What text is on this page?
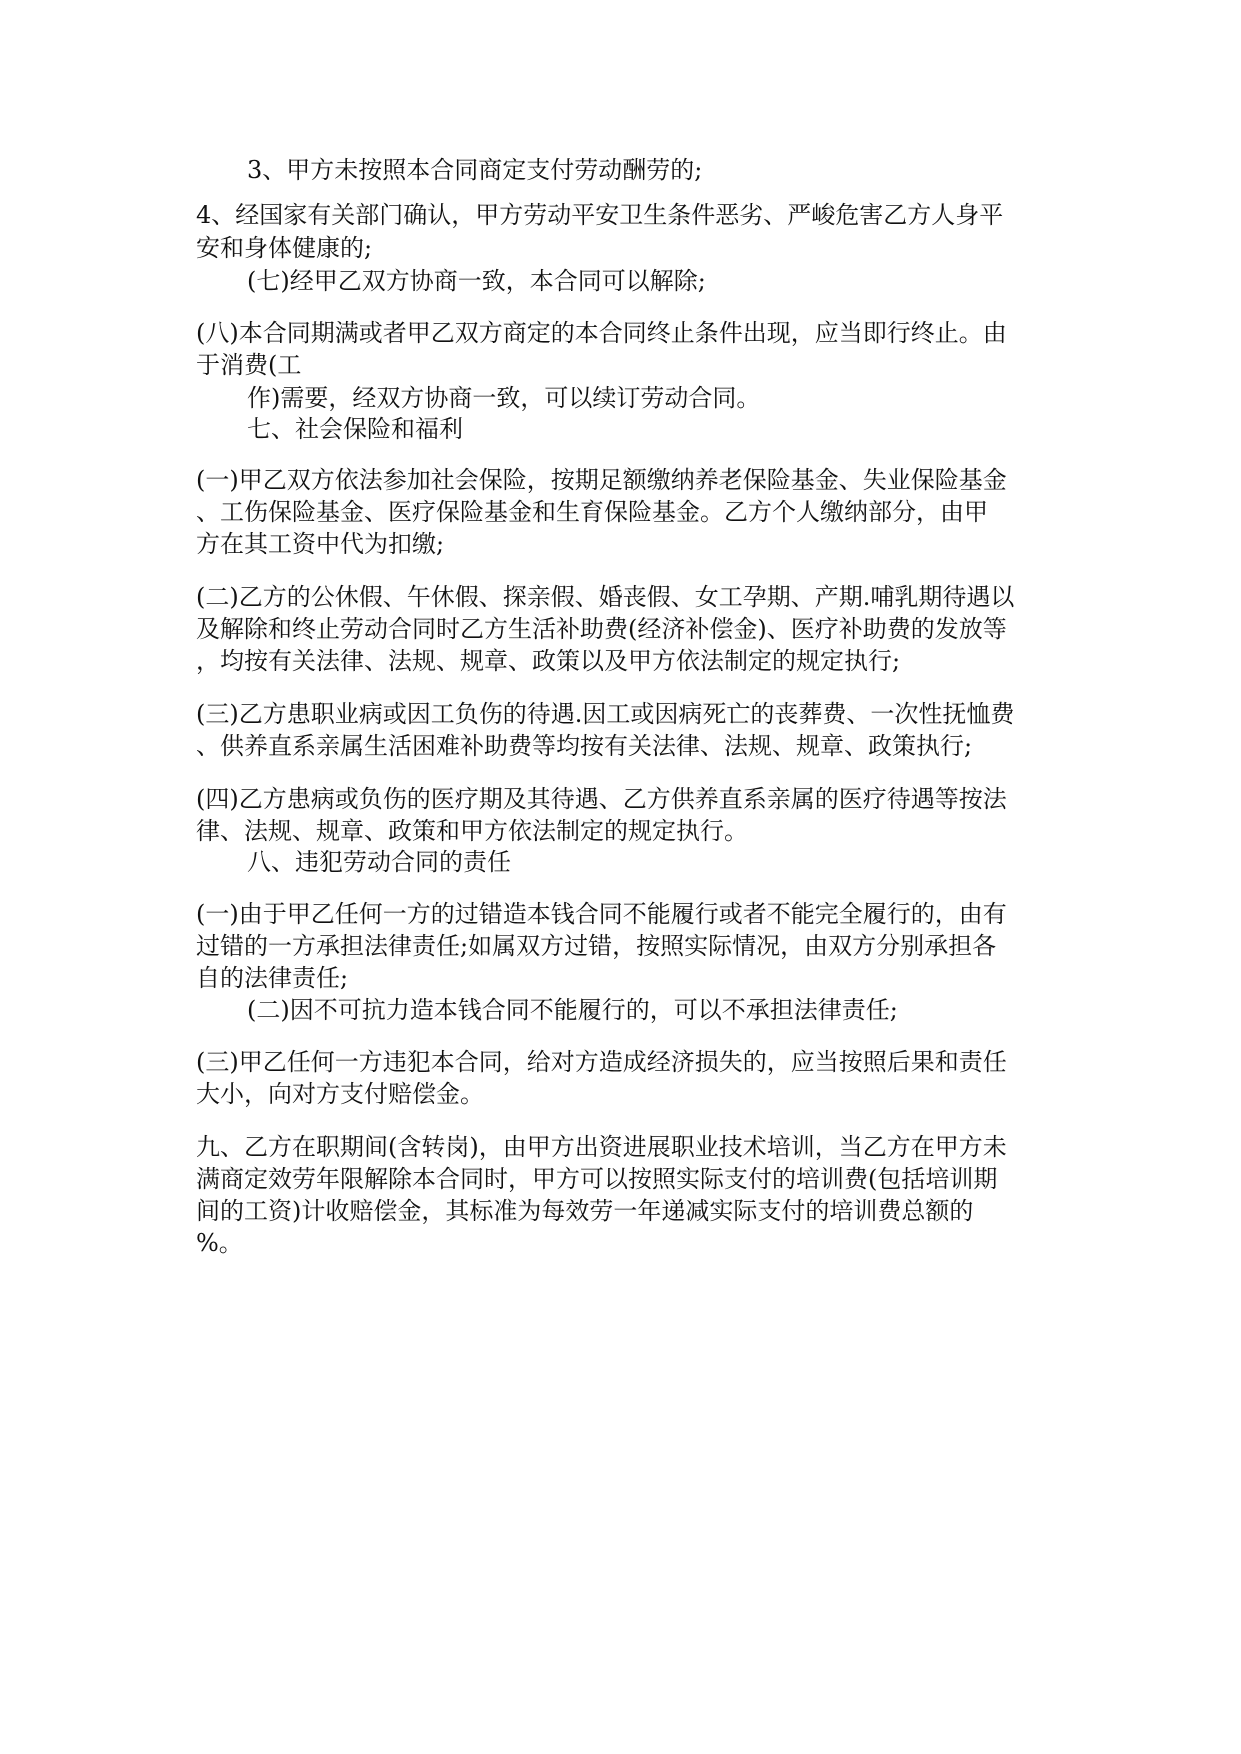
3、甲方未按照本合同商定支付劳动酬劳的;
4、经国家有关部门确认，甲方劳动平安卫生条件恶劣、严峻危害乙方人身平
安和身体健康的;
(七)经甲乙双方协商一致，本合同可以解除;
(八)本合同期满或者甲乙双方商定的本合同终止条件出现，应当即行终止。由
于消费(工
作)需要，经双方协商一致，可以续订劳动合同。
七、社会保险和福利
(一)甲乙双方依法参加社会保险，按期足额缴纳养老保险基金、失业保险基金
、工伤保险基金、医疗保险基金和生育保险基金。乙方个人缴纳部分，由甲
方在其工资中代为扣缴;
(二)乙方的公休假、午休假、探亲假、婚丧假、女工孕期、产期.哺乳期待遇以
及解除和终止劳动合同时乙方生活补助费(经济补偿金)、医疗补助费的发放等
，均按有关法律、法规、规章、政策以及甲方依法制定的规定执行;
(三)乙方患职业病或因工负伤的待遇.因工或因病死亡的丧葬费、一次性抚恤费
、供养直系亲属生活困难补助费等均按有关法律、法规、规章、政策执行;
(四)乙方患病或负伤的医疗期及其待遇、乙方供养直系亲属的医疗待遇等按法
律、法规、规章、政策和甲方依法制定的规定执行。
八、违犯劳动合同的责任
(一)由于甲乙任何一方的过错造本钱合同不能履行或者不能完全履行的，由有
过错的一方承担法律责任;如属双方过错，按照实际情况，由双方分别承担各
自的法律责任;
(二)因不可抗力造本钱合同不能履行的，可以不承担法律责任;
(三)甲乙任何一方违犯本合同，给对方造成经济损失的，应当按照后果和责任
大小，向对方支付赔偿金。
九、乙方在职期间(含转岗)，由甲方出资进展职业技术培训，当乙方在甲方未
满商定效劳年限解除本合同时，甲方可以按照实际支付的培训费(包括培训期
间的工资)计收赔偿金，其标准为每效劳一年递减实际支付的培训费总额的
%。
